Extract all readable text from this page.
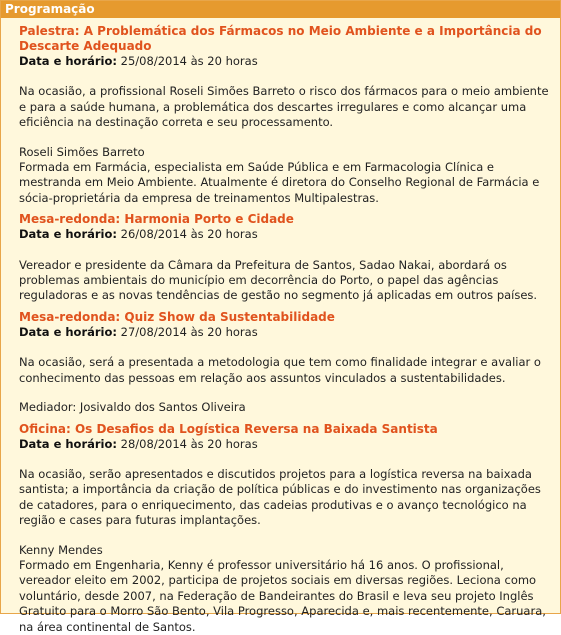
Programação
Palestra: A Problemática dos Fármacos no Meio Ambiente e a Importância do Descarte Adequado
Data e horário: 25/08/2014 às 20 horas

Na ocasião, a profissional Roseli Simões Barreto o risco dos fármacos para o meio ambiente e para a saúde humana, a problemática dos descartes irregulares e como alcançar uma eficiência na destinação correta e seu processamento.

Roseli Simões Barreto

Formada em Farmácia, especialista em Saúde Pública e em Farmacologia Clínica e mestranda em Meio Ambiente. Atualmente é diretora do Conselho Regional de Farmácia e sócia-proprietária da empresa de treinamentos Multipalestras.

Mesa-redonda: Harmonia Porto e Cidade
Data e horário: 26/08/2014 às 20 horas

Vereador e presidente da Câmara da Prefeitura de Santos, Sadao Nakai, abordará os problemas ambientais do município em decorrência do Porto, o papel das agências reguladoras e as novas tendências de gestão no segmento já aplicadas em outros países.

Mesa-redonda: Quiz Show da Sustentabilidade
Data e horário: 27/08/2014 às 20 horas

Na ocasião, será a presentada a metodologia que tem como finalidade integrar e avaliar o conhecimento das pessoas em relação aos assuntos vinculados a sustentabilidades.

Mediador: Josivaldo dos Santos Oliveira

Oficina: Os Desafios da Logística Reversa na Baixada Santista
Data e horário: 28/08/2014 às 20 horas

Na ocasião, serão apresentados e discutidos projetos para a logística reversa na baixada santista; a importância da criação de política públicas e do investimento nas organizações de catadores, para o enriquecimento, das cadeias produtivas e o avanço tecnológico na região e cases para futuras implantações.

Kenny Mendes

Formado em Engenharia, Kenny é professor universitário há 16 anos. O profissional, vereador eleito em 2002, participa de projetos sociais em diversas regiões. Leciona como voluntário, desde 2007, na Federação de Bandeirantes do Brasil e leva seu projeto Inglês Gratuito para o Morro São Bento, Vila Progresso, Aparecida e, mais recentemente, Caruara, na área continental de Santos.
